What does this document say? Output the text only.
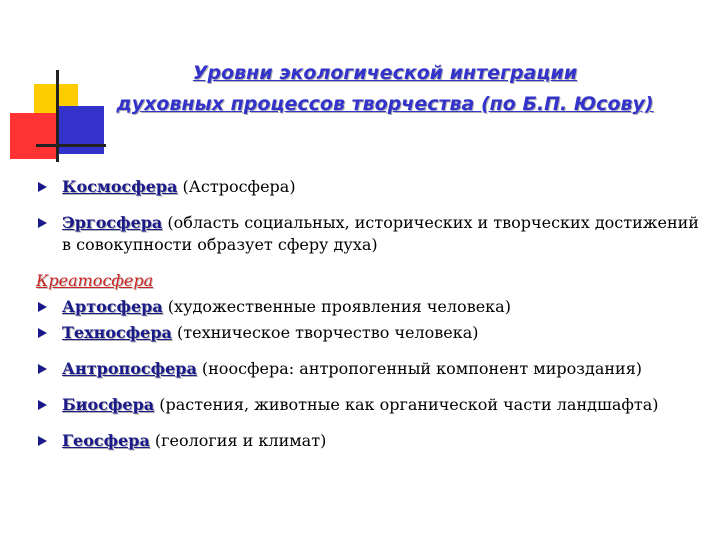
Уровни экологической интеграции
духовных процессов творчества (по Б.П. Юсову)
Космосфера (Астросфера)
Эргосфера (область социальных, исторических и творческих достижений в совокупности образует сферу духа)
Креатосфера
Артосфера (художественные проявления человека)
Техносфера (техническое творчество человека)
Антропосфера (ноосфера: антропогенный компонент мироздания)
Биосфера (растения, животные как органической части ландшафта)
Геосфера (геология и климат)
